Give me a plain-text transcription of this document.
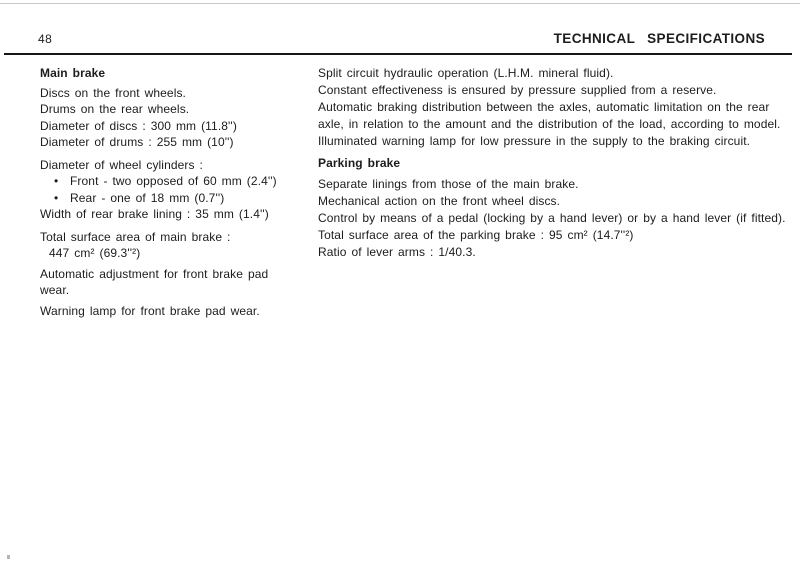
48	TECHNICAL SPECIFICATIONS
Main brake

Discs on the front wheels.

Drums on the rear wheels.

Diameter of discs : 300 mm (11.8'')

Diameter of drums : 255 mm (10'')

Diameter of wheel cylinders :

• Front - two opposed of 60 mm (2.4'')
• Rear - one of 18 mm (0.7'')

Width of rear brake lining : 35 mm (1.4'')

Total surface area of main brake :

447 cm² (69.3''²)

Automatic adjustment for front brake pad wear.

Warning lamp for front brake pad wear.

Split circuit hydraulic operation (L.H.M. mineral fluid).

Constant effectiveness is ensured by pressure supplied from a reserve.

Automatic braking distribution between the axles, automatic limitation on the rear axle, in relation to the amount and the distribution of the load, according to model.

Illuminated warning lamp for low pressure in the supply to the braking circuit.

Parking brake

Separate linings from those of the main brake.

Mechanical action on the front wheel discs.

Control by means of a pedal (locking by a hand lever) or by a hand lever (if fitted).

Total surface area of the parking brake : 95 cm² (14.7''²)

Ratio of lever arms : 1/40.3.
